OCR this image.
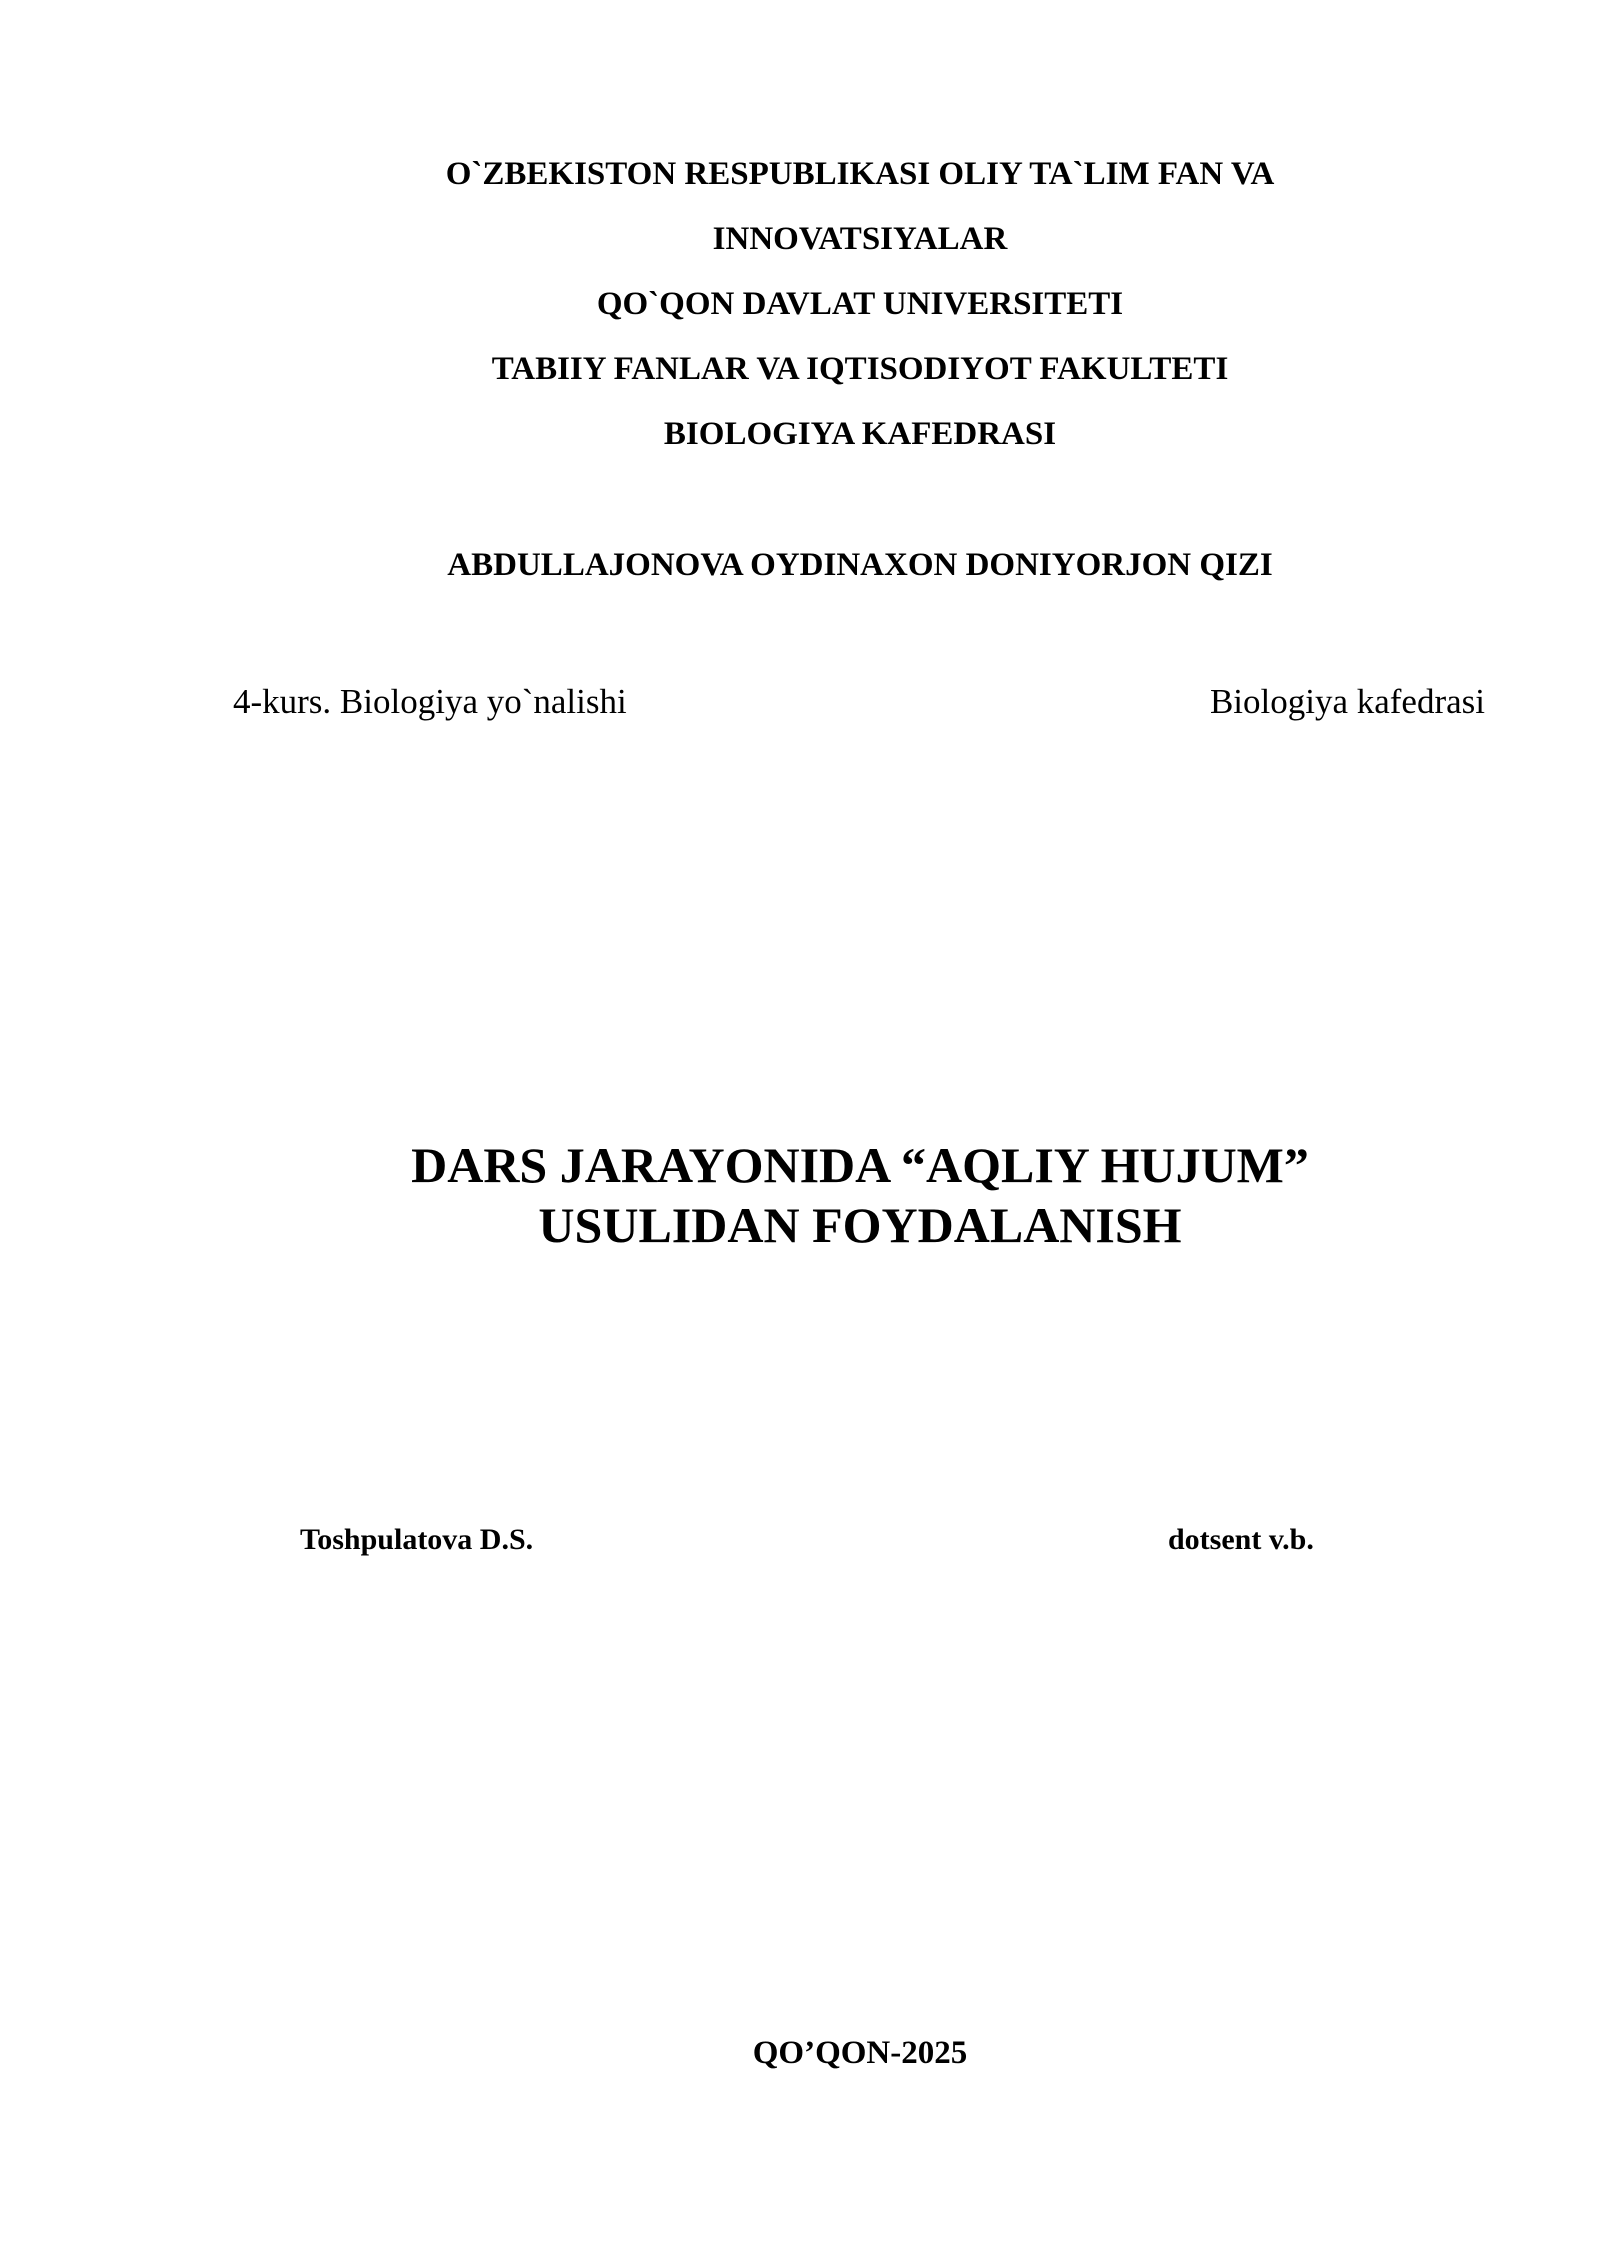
O`ZBEKISTON RESPUBLIKASI OLIY TA`LIM FAN VA
INNOVATSIYALAR
QO`QON DAVLAT UNIVERSITETI
TABIIY FANLAR VA IQTISODIYOT FAKULTETI
BIOLOGIYA KAFEDRASI
ABDULLAJONOVA OYDINAXON DONIYORJON QIZI
4-kurs. Biologiya yo`nalishi	Biologiya kafedrasi
DARS JARAYONIDA “AQLIY HUJUM”
USULIDAN FOYDALANISH
Toshpulatova D.S.	dotsent v.b.
QO’QON-2025
